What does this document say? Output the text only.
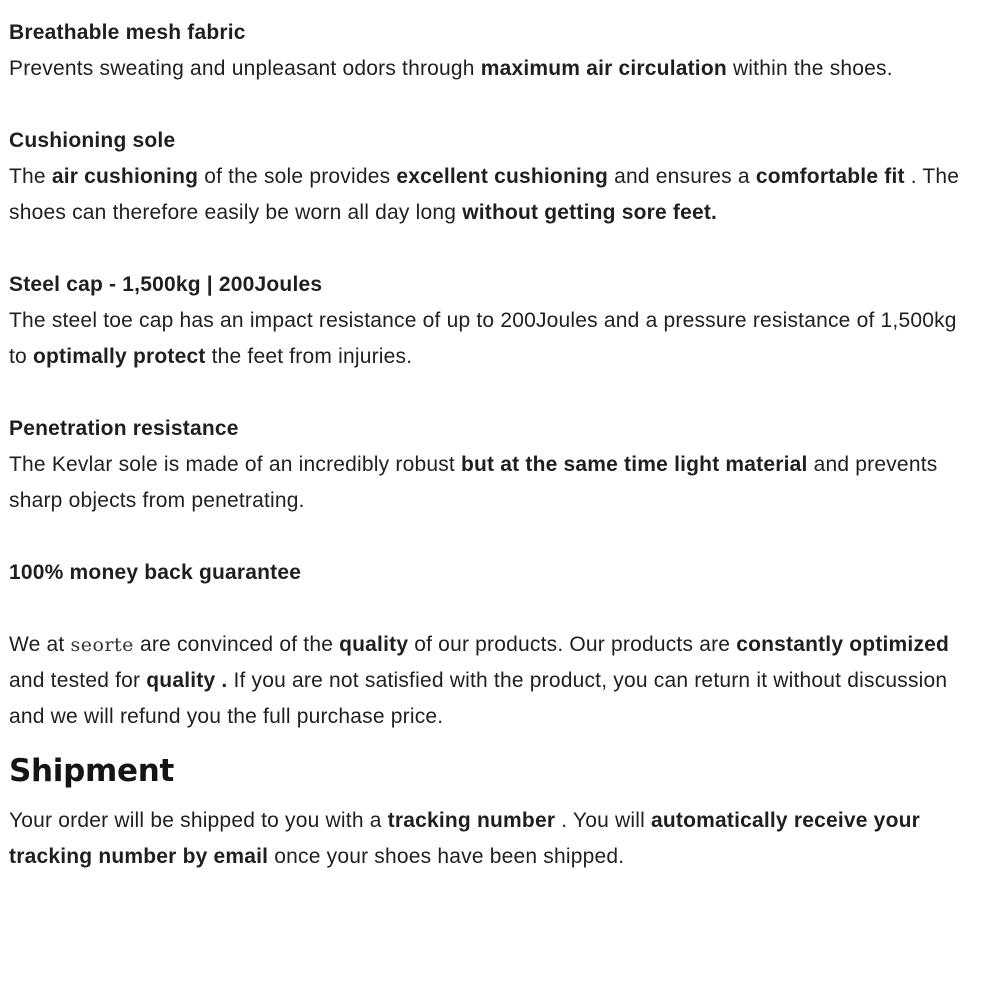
Breathable mesh fabric

Prevents sweating and unpleasant odors through maximum air circulation within the shoes.

Cushioning sole

The air cushioning of the sole provides excellent cushioning and ensures a comfortable fit . The shoes can therefore easily be worn all day long without getting sore feet.

Steel cap - 1,500kg | 200Joules

The steel toe cap has an impact resistance of up to 200Joules and a pressure resistance of 1,500kg  to optimally protect the feet from injuries.

Penetration resistance

The Kevlar sole is made of an incredibly robust but at the same time light material and prevents sharp objects from penetrating.

100% money back guarantee

We at seorte are convinced of the quality of our products. Our products are constantly optimized and tested for quality . If you are not satisfied with the product, you can return it without discussion and we will refund you the full purchase price.

Shipment

Your order will be shipped to you with a tracking number . You will automatically receive your tracking number by email once your shoes have been shipped.
